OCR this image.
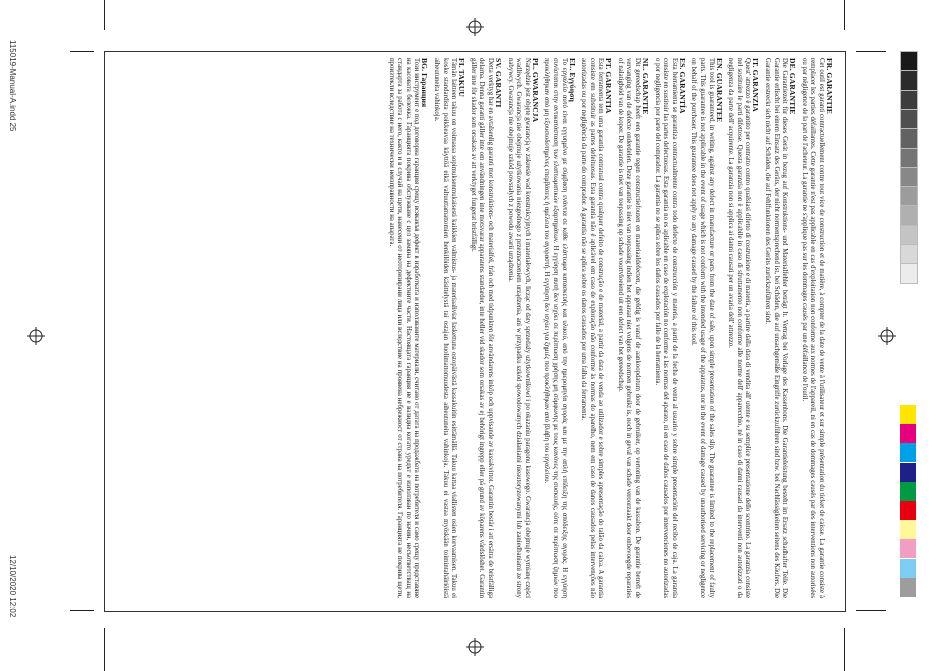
115019-Manual-A.indd 25
12/10/2020 12:02
FR. GARANTIE

Cet outil est garanti contractuellement contre tout vice de construction et de matière, à compter de la date de vente à l'utilisateur et sur simple présentation du ticket de caisse. La garantie consiste à remplacer les parties défaillantes. Cette garantie n'est pas applicable en cas d'exploitation non conforme aux normes de l'appareil, ni en cas de dommages causés par des interventions non autorisées ou par négligence de la part de l'acheteur. La garantie ne s'applique pas sur les dommages causés par une défaillance de l'outil.

DE. GARANTIE

Die Garantiezeit für dieses Gerät in bezug auf Konstruktions- und Materialfehler beträgt It. Vertrag bei Vorlage des Kassenbons. Die Garantieleistung besteht im Ersatz schadhafter Teile. Die Garantie erlischt bei einem Einsatz des Geräts, der nicht normentsprechend ist, bei Schäden, die auf unsachgemäße Eingriffe zurückzuführen sind bzw. bei Nachlässigkeiten seitens des Käufers. Die Garantie erstreckt sich nicht auf Schäden, die auf Fehlfunktionen des Geräts zurückzuführen sind.

IT. GARANZIA

Quest' attrezzo è garantito per contratto contro qualsiasi difetto di costruzione e di materia, a partire dalla data di vendita all' utente e su semplice presentazione dello scontrino. La garanzia consiste nel sostituire le parti difettose. Questa garanzia non è applicabile in caso di sfruttamento non conforme alle norme dell' apparecchio, né in caso di danni causati da interventi non autorizzati o da negligenza da parte dell' acquirente. La garanzia non si applica ai danni causati per un avaria dell' attrezzo.

EN. GUARANTEE

This tool is guaranteed, in writing, against any defect in manufacture or parts from the date of sale, upon simple presentation of the sales slip. The guarantee is limited to the replacement of faulty parts. This guarantee is not applicable in the event of usage which is not conform with the intended usage of the apparatus, nor in the event of damage caused by unauthorised servicing or negligence on behalf of the purchaser. This guarantee does not apply to any damage caused by the failure of this tool.

ES. GARANTÍA

Esta herramienta se garantiza contractualmente contra todo defecto de construcción y materia, a partir de la fecha de venta al usuario y sobre simple presentación del recibo de caja. La garantía consiste en sustituir las partes defectuosas. Esta garantía no es aplicable en caso de explotación no conforme a las normas del aparato, ni en caso de daños causados por intervenciones no autorizadas o por negligencia por parte del comprador. La garantía no se aplica sobre los daños causados por fallo de la herramienta.

NL. GARANTIE

Dit gereedschap heeft een garantie tegen constructiefouten en materiaaldefecten, die geldig is vanaf de aankoopdatum door de gebruiker, op vertoning van de kassabon. De garantie betreft de vervanging van de defecte onderdelen. Deze garantie is niet van toepassing indien het apparaat niet volgens de normen gebruikt is, noch in geval van schade veroorzaakt door onbevoegde reparaties of nalatigheid van de koper. De garantie is niet van toepassing op schade voortvloeiend uit een defect van het gereedschap.

PT. GARANTIA

Esta ferramenta tem uma garantia contratual contra qualquer defeito de construção e de material, a partir da data de venda ao utilizador e sobre simples apresentação do talão da caixa. A garantia consiste em substituir as partes defeituosas. Esta garantia não é aplicável em caso de exploração não conforme às normas do aparelho, nem em caso de danos causados pelas intervenções não autorizadas ou por negligência da parte do comprador. A garantia não se aplica sobre os danos causados por uma falha da ferramenta.

EL. Εγγύηση

Το εργαλείο αυτό είναι εγγυημένο με σύμβαση ενάντια σε κάθε ελάττωμα κατασκευής και υλικού, από την ημερομηνία αγοράς και με την απλή επίδειξη της απόδειξης αγοράς. Η εγγύηση συνίσταται στην αντικατάσταση των ελαττωματικών εξαρτημάτων. Η εγγύηση αυτή δεν ισχύει σε περίπτωση χρήσης μη σύμφωνης με τους κανόνες της συσκευής, ούτε σε περίπτωση ζημιών που προκλήθηκαν από μη εξουσιοδοτημένες επεμβάσεις ή αμέλεια του αγοραστή. Η εγγύηση δεν ισχύει για ζημιές που προκλήθηκαν από βλάβη του εργαλείου.

PL. GWARANCJA

Narzędzie jest objęte gwarancją w zakresie wad konstrukcyjnych i materiałowych, licząc od daty sprzedaży użytkownikowi i po okazaniu paragonu kasowego. Gwarancja obejmuje wymianę części wadliwych. Gwarancja nie obejmuje użytkowania niezgodnego z przeznaczeniem urządzenia, ani w przypadku szkód spowodowanych działaniami nieautoryzowanymi lub zaniedbaniami ze strony nabywcy. Gwarancja nie obejmuje szkód powstałych z powodu awarii urządzenia.

SV. GARANTI

Detta verktyg har en avtalsenlig garanti mot konstruktions- och materialfel, från och med tidpunkten för användarens inköp och uppvisande av kassakvittot. Garantin består i att ersätta de bristfälliga delarna. Denna garanti gäller inte om användningen inte motsvarar apparatens standarder, inte heller vid skador som orsakas av ej behörigt ingrepp eller på grund av köparens vårdslöshet. Garantin gäller inte för skador som orsakats av att verktyget fungerat bristfälligt.

FI. TAKUU

Tämän laitteen takuu on voimassa sopimuksenmukaisesti kaikkien valmistus- ja materiaaliviat laskettuna ostopäivästä kassakuitin esittämällä. Takuu kattaa viallisten osien korvaamisen. Takuu ei koske standardista poikkeavaa käyttöä eikä valtuuttamattomien henkilöiden käsittelystä tai ostajan huolimattomuudesta aiheutuneita vahinkoja. Takuu ei vastaa myöskään toimintahäiriöistä aiheutuneita vahinkoja.

BG. Гаранция

Този инструмент е под договорна гаранция срещу всякакъв дефект в изработката и използваните материали, считано от датата на продажбата на потребителя и само срещу представяне на касовата бележка. Гаранцията покрива обслужване с цел замяна на дефектните части. Настоящата гаранция не е валидна когато уредът е използван по начин, несъответстващ на стандарта за работа с него, както и в случай на щети, нанесени от неоторизирани лица или вследствие на проявена небрежност от страна на потребителя. Гаранцията не покрива щети, произтекли вследствие на технически неизправности на апарата.
